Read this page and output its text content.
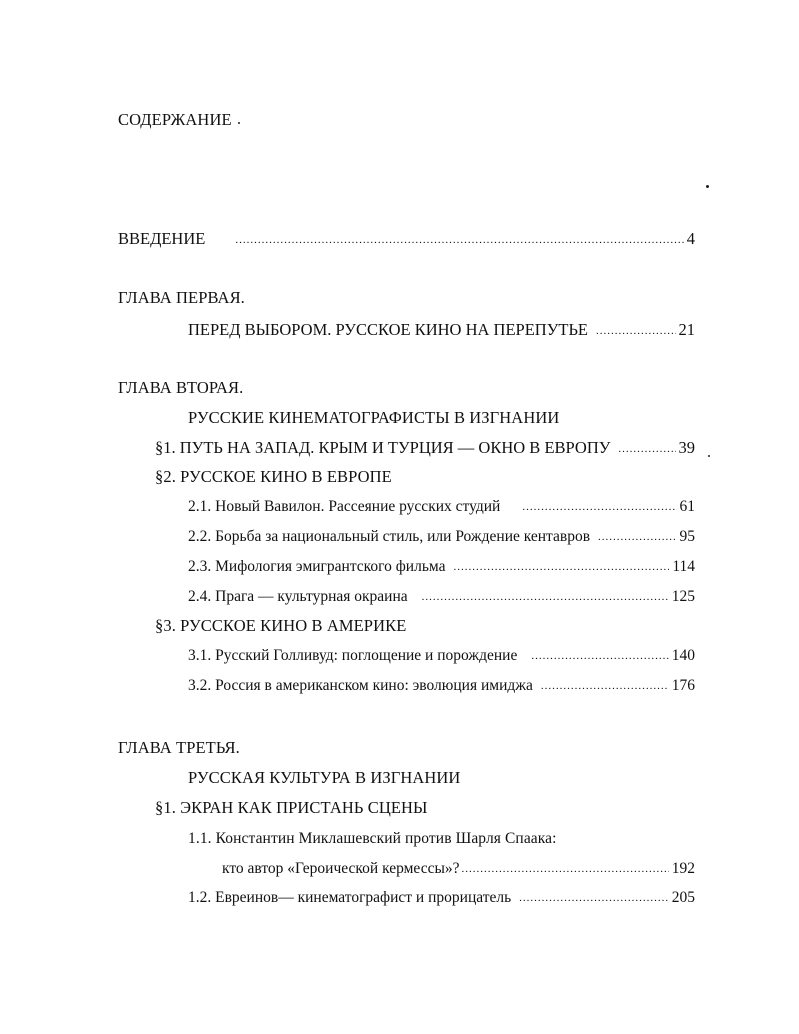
СОДЕРЖАНИЕ
ВВЕДЕНИЕ .....	4
ГЛАВА ПЕРВАЯ.
ПЕРЕД ВЫБОРОМ. РУССКОЕ КИНО НА ПЕРЕПУТЬЕ .....	21
ГЛАВА ВТОРАЯ.
РУССКИЕ КИНЕМАТОГРАФИСТЫ В ИЗГНАНИИ
§1. ПУТЬ НА ЗАПАД. КРЫМ И ТУРЦИЯ — ОКНО В ЕВРОПУ .....	39
§2. РУССКОЕ КИНО В ЕВРОПЕ
2.1. Новый Вавилон. Рассеяние русских студий .....	61
2.2. Борьба за национальный стиль, или Рождение кентавров .....	95
2.3. Мифология эмигрантского фильма .....	114
2.4. Прага — культурная окраина .....	125
§3. РУССКОЕ КИНО В АМЕРИКЕ
3.1. Русский Голливуд: поглощение и порождение .....	140
3.2. Россия в американском кино: эволюция имиджа .....	176
ГЛАВА ТРЕТЬЯ.
РУССКАЯ КУЛЬТУРА В ИЗГНАНИИ
§1. ЭКРАН КАК ПРИСТАНЬ СЦЕНЫ
1.1. Константин Миклашевский против Шарля Спаака:
кто автор «Героической кермессы»? .....	192
1.2. Евреинов— кинематографист и прорицатель .....	205
